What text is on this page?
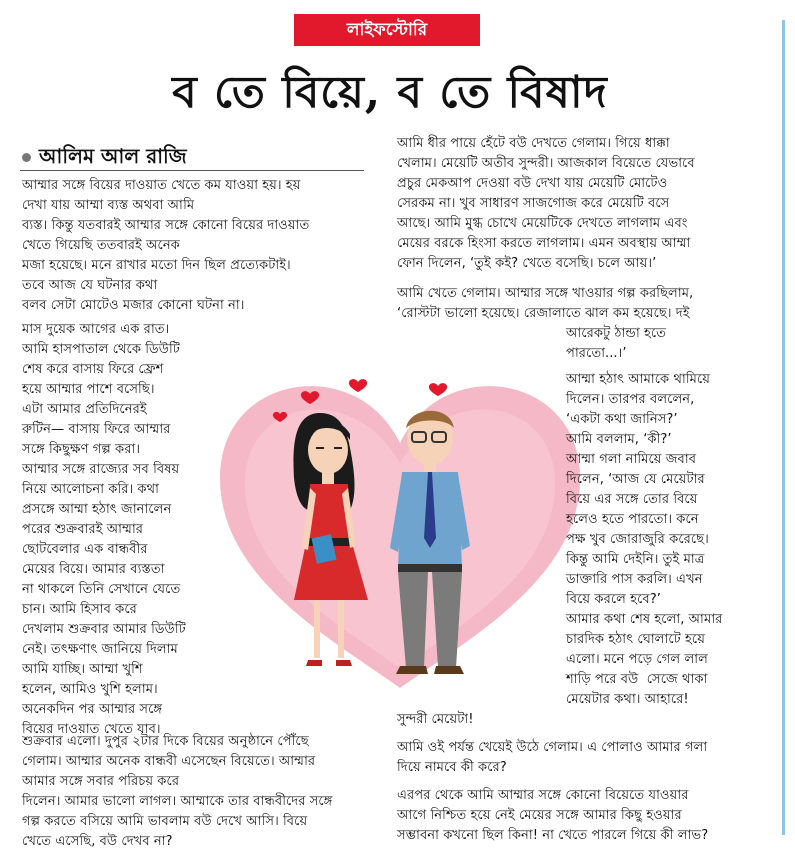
লাইফস্টোরি
ব তে বিয়ে, ব তে বিষাদ
আলিম আল রাজি
আম্মার সঙ্গে বিয়ের দাওয়াত খেতে কম যাওয়া হয়। হয়
দেখা যায় আম্মা ব্যস্ত অথবা আমি
ব্যস্ত। কিন্তু যতবারই আম্মার সঙ্গে কোনো বিয়ের দাওয়াত
খেতে গিয়েছি ততবারই অনেক
মজা হয়েছে। মনে রাখার মতো দিন ছিল প্রত্যেকটাই।
তবে আজ যে ঘটনার কথা
বলব সেটা মোটেও মজার কোনো ঘটনা না।
মাস দুয়েক আগের এক রাত।
আমি হাসপাতাল থেকে ডিউটি
শেষ করে বাসায় ফিরে ফ্রেশ
হয়ে আম্মার পাশে বসেছি।
এটা আমার প্রতিদিনেরই
রুটিন— বাসায় ফিরে আম্মার
সঙ্গে কিছুক্ষণ গল্প করা।
আম্মার সঙ্গে রাজ্যের সব বিষয়
নিয়ে আলোচনা করি। কথা
প্রসঙ্গে আম্মা হঠাৎ জানালেন
পরের শুক্রবারই আম্মার
ছোটবেলার এক বান্ধবীর
মেয়ের বিয়ে। আমার ব্যস্ততা
না থাকলে তিনি সেখানে যেতে
চান। আমি হিসাব করে
দেখলাম শুক্রবার আমার ডিউটি
নেই। তৎক্ষণাৎ জানিয়ে দিলাম
আমি যাচ্ছি। আম্মা খুশি
হলেন, আমিও খুশি হলাম।
অনেকদিন পর আম্মার সঙ্গে
বিয়ের দাওয়াত খেতে যাব।
শুক্রবার এলো। দুপুর ২টার দিকে বিয়ের অনুষ্ঠানে পৌঁছে
গেলাম। আম্মার অনেক বান্ধবী এসেছেন বিয়েতে। আম্মার
আমার সঙ্গে সবার পরিচয় করে
দিলেন। আমার ভালো লাগল। আম্মাকে তার বান্ধবীদের সঙ্গে
গল্প করতে বসিয়ে আমি ভাবলাম বউ দেখে আসি। বিয়ে
খেতে এসেছি, বউ দেখব না?
আমি ধীর পায়ে হেঁটে বউ দেখতে গেলাম। গিয়ে ধাক্কা
খেলাম। মেয়েটি অতীব সুন্দরী। আজকাল বিয়েতে যেভাবে
প্রচুর মেকআপ দেওয়া বউ দেখা যায় মেয়েটি মোটেও
সেরকম না। খুব সাধারণ সাজগোজ করে মেয়েটি বসে
আছে। আমি মুগ্ধ চোখে মেয়েটিকে দেখতে লাগলাম এবং
মেয়ের বরকে হিংসা করতে লাগলাম। এমন অবস্থায় আম্মা
ফোন দিলেন, ‘তুই কই? খেতে বসেছি। চলে আয়।’
আমি খেতে গেলাম। আম্মার সঙ্গে খাওয়ার গল্প করছিলাম,
‘রোস্টটা ভালো হয়েছে। রেজালাতে ঝাল কম হয়েছে। দই
আরেকটু ঠান্ডা হতে
পারতো...।’
আম্মা হঠাৎ আমাকে থামিয়ে
দিলেন। তারপর বললেন,
‘একটা কথা জানিস?’
আমি বললাম, ‘কী?’
আম্মা গলা নামিয়ে জবাব
দিলেন, ‘আজ যে মেয়েটার
বিয়ে এর সঙ্গে তোর বিয়ে
হলেও হতে পারতো। কনে
পক্ষ খুব জোরাজুরি করেছে।
কিন্তু আমি দেইনি। তুই মাত্র
ডাক্তারি পাস করলি। এখন
বিয়ে করলে হবে?’
আমার কথা শেষ হলো, আমার
চারদিক হঠাৎ ঘোলাটে হয়ে
এলো। মনে পড়ে গেল লাল
শাড়ি পরে বউ  সেজে থাকা
মেয়েটার কথা। আহারে!
সুন্দরী মেয়েটা!
আমি ওই পর্যন্ত খেয়েই উঠে গেলাম। এ পোলাও আমার গলা
দিয়ে নামবে কী করে?
এরপর থেকে আমি আম্মার সঙ্গে কোনো বিয়েতে যাওয়ার
আগে নিশ্চিত হয়ে নেই মেয়ের সঙ্গে আমার কিছু হওয়ার
সম্ভাবনা কখনো ছিল কিনা! না খেতে পারলে গিয়ে কী লাভ?
